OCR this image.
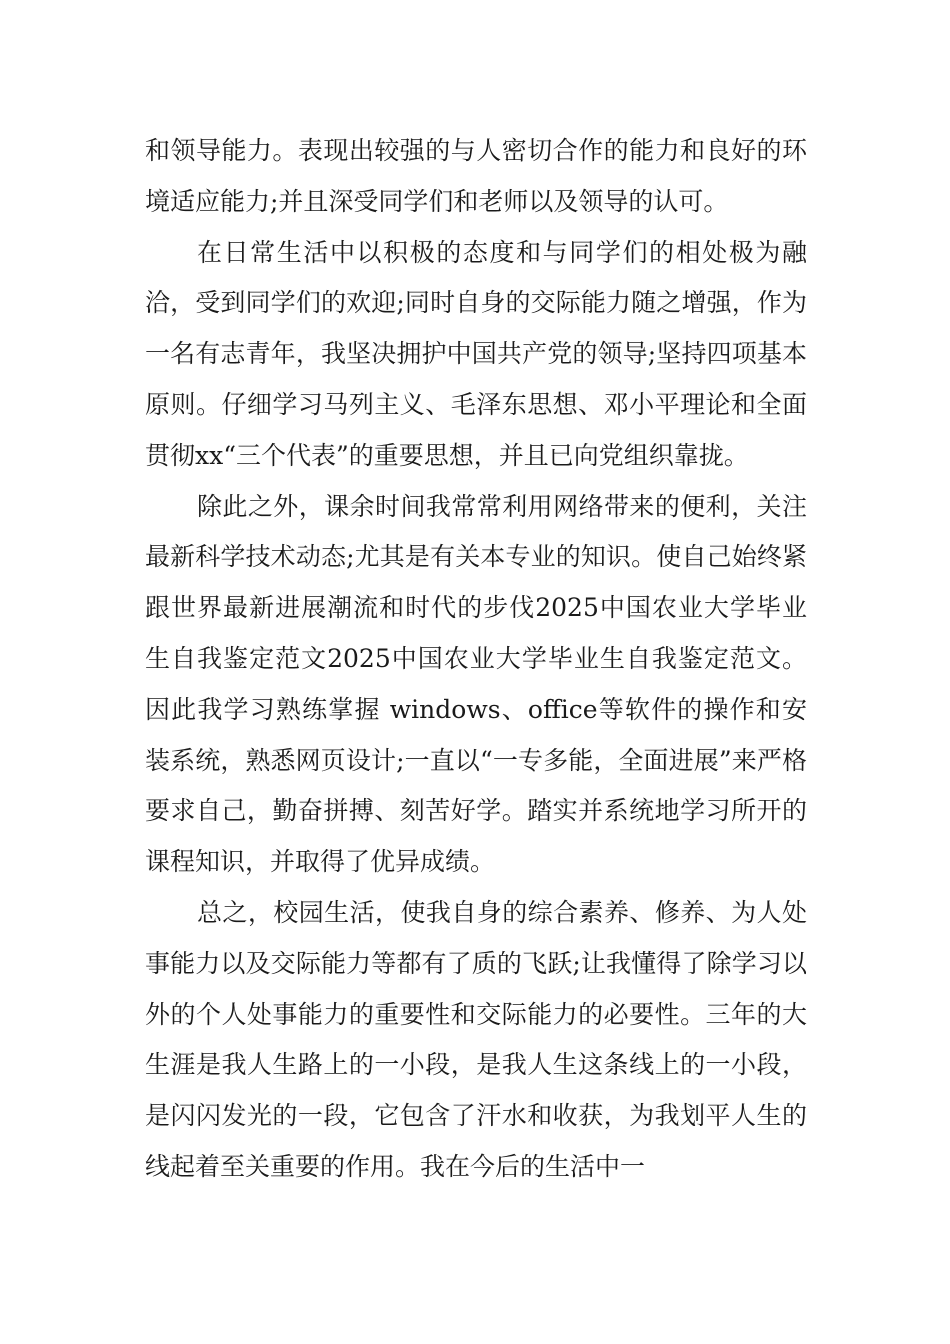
和领导能力。表现出较强的与人密切合作的能力和良好的环境适应能力;并且深受同学们和老师以及领导的认可。

在日常生活中以积极的态度和与同学们的相处极为融洽，受到同学们的欢迎;同时自身的交际能力随之增强，作为一名有志青年，我坚决拥护中国共产党的领导;坚持四项基本原则。仔细学习马列主义、毛泽东思想、邓小平理论和全面贯彻xx“三个代表”的重要思想，并且已向党组织靠拢。

除此之外，课余时间我常常利用网络带来的便利，关注最新科学技术动态;尤其是有关本专业的知识。使自己始终紧跟世界最新进展潮流和时代的步伐2025中国农业大学毕业生自我鉴定范文2025中国农业大学毕业生自我鉴定范文。因此我学习熟练掌握 windows、office等软件的操作和安装系统，熟悉网页设计;一直以“一专多能，全面进展”来严格要求自己，勤奋拼搏、刻苦好学。踏实并系统地学习所开的课程知识，并取得了优异成绩。

总之，校园生活，使我自身的综合素养、修养、为人处事能力以及交际能力等都有了质的飞跃;让我懂得了除学习以外的个人处事能力的重要性和交际能力的必要性。三年的大生涯是我人生路上的一小段，是我人生这条线上的一小段，是闪闪发光的一段，它包含了汗水和收获，为我划平人生的线起着至关重要的作用。我在今后的生活中一
